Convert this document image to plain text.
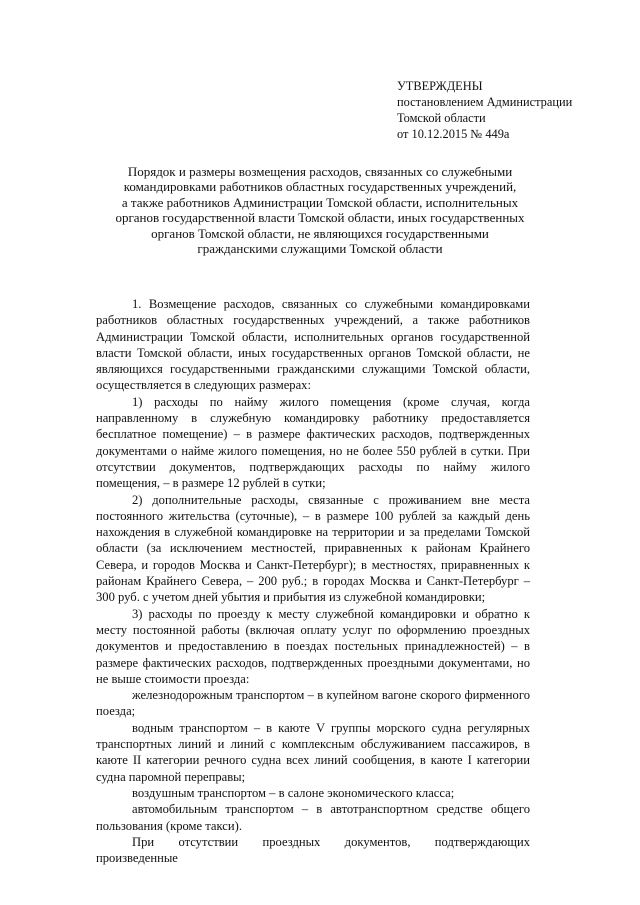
УТВЕРЖДЕНЫ
постановлением Администрации
Томской области
от 10.12.2015 № 449а
Порядок и размеры возмещения расходов, связанных со служебными
командировками работников областных государственных учреждений,
а также работников Администрации Томской области, исполнительных
органов государственной власти Томской области, иных государственных
органов Томской области, не являющихся государственными
гражданскими служащими Томской области

1. Возмещение расходов, связанных со служебными командировками работников областных государственных учреждений, а также работников Администрации Томской области, исполнительных органов государственной власти Томской области, иных государственных органов Томской области, не являющихся государственными гражданскими служащими Томской области, осуществляется в следующих размерах:

1) расходы по найму жилого помещения (кроме случая, когда направленному в служебную командировку работнику предоставляется бесплатное помещение) – в размере фактических расходов, подтвержденных документами о найме жилого помещения, но не более 550 рублей в сутки. При отсутствии документов, подтверждающих расходы по найму жилого помещения, – в размере 12 рублей в сутки;

2) дополнительные расходы, связанные с проживанием вне места постоянного жительства (суточные), – в размере 100 рублей за каждый день нахождения в служебной командировке на территории и за пределами Томской области (за исключением местностей, приравненных к районам Крайнего Севера, и городов Москва и Санкт-Петербург); в местностях, приравненных к районам Крайнего Севера, – 200 руб.; в городах Москва и Санкт-Петербург – 300 руб. с учетом дней убытия и прибытия из служебной командировки;

3) расходы по проезду к месту служебной командировки и обратно к месту постоянной работы (включая оплату услуг по оформлению проездных документов и предоставлению в поездах постельных принадлежностей) – в размере фактических расходов, подтвержденных проездными документами, но не выше стоимости проезда:

железнодорожным транспортом – в купейном вагоне скорого фирменного поезда;

водным транспортом – в каюте V группы морского судна регулярных транспортных линий и линий с комплексным обслуживанием пассажиров, в каюте II категории речного судна всех линий сообщения, в каюте I категории судна паромной переправы;

воздушным транспортом – в салоне экономического класса;

автомобильным транспортом – в автотранспортном средстве общего пользования (кроме такси).

При отсутствии проездных документов, подтверждающих произведенные
